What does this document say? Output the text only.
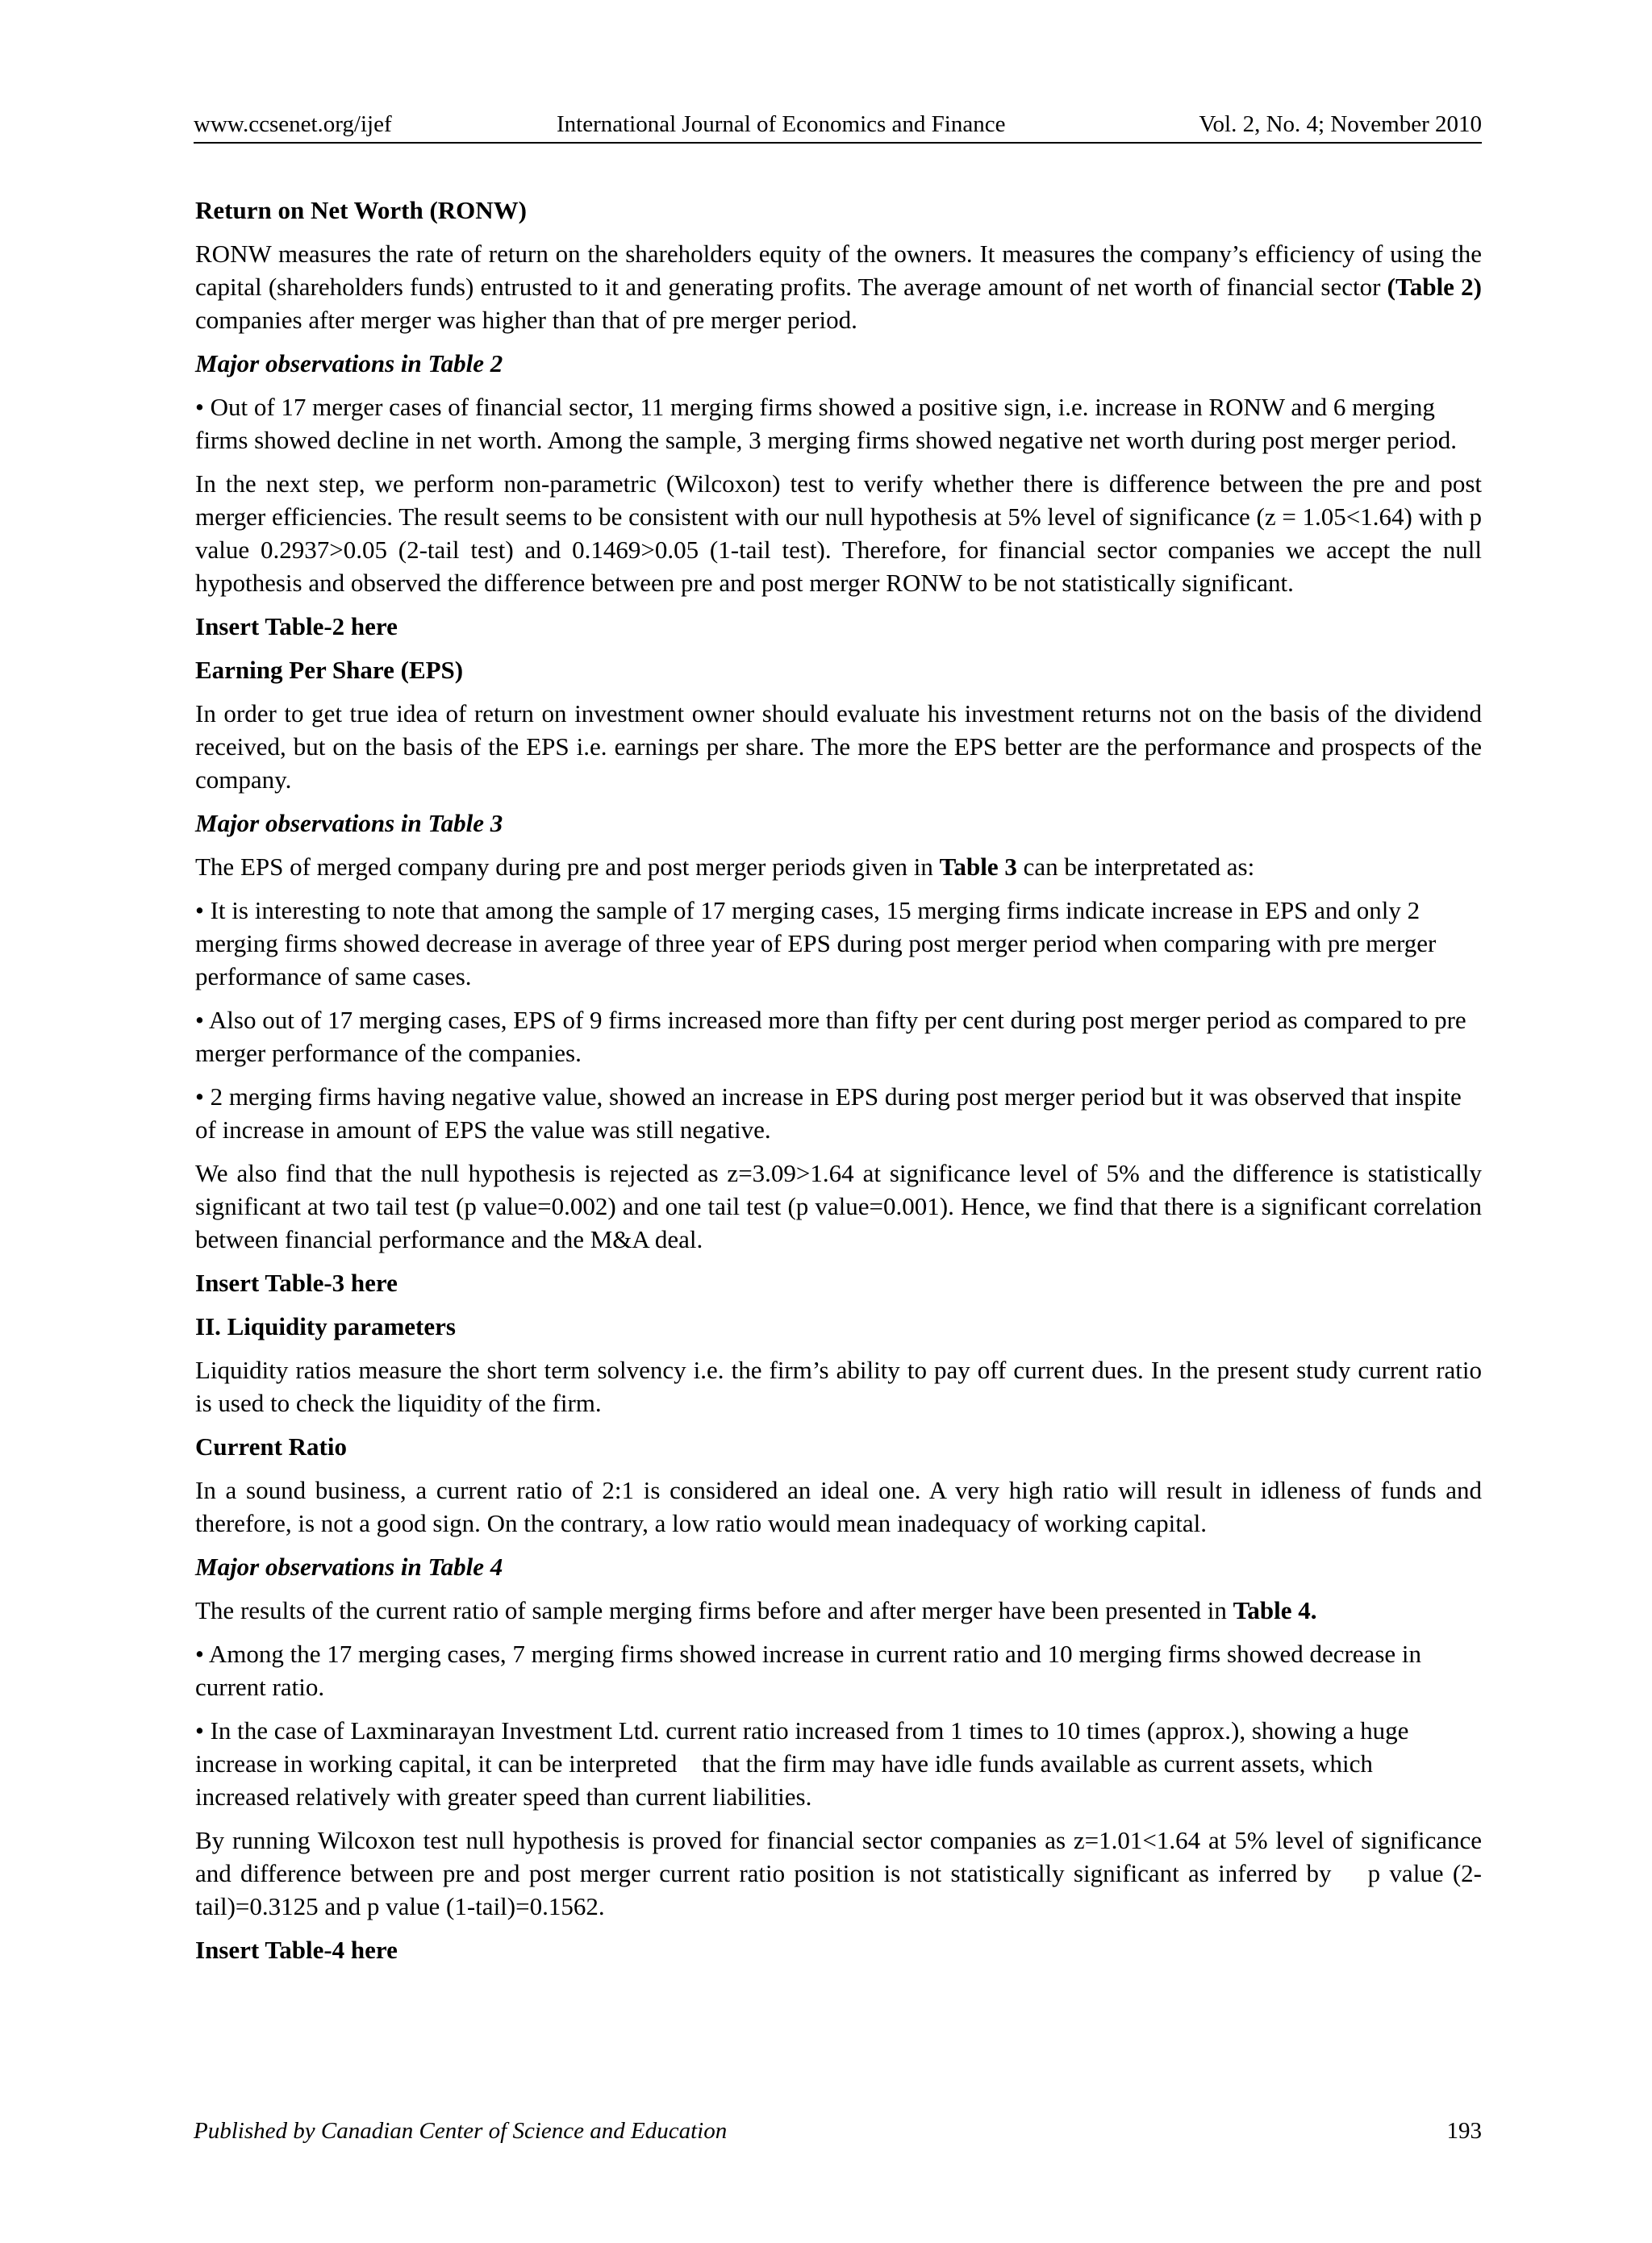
www.ccsenet.org/ijef	International Journal of Economics and Finance	Vol. 2, No. 4; November 2010

Return on Net Worth (RONW)

RONW measures the rate of return on the shareholders equity of the owners. It measures the company’s efficiency of using the capital (shareholders funds) entrusted to it and generating profits. The average amount of net worth of financial sector (Table 2) companies after merger was higher than that of pre merger period.

Major observations in Table 2

• Out of 17 merger cases of financial sector, 11 merging firms showed a positive sign, i.e. increase in RONW and 6 merging firms showed decline in net worth. Among the sample, 3 merging firms showed negative net worth during post merger period.

In the next step, we perform non-parametric (Wilcoxon) test to verify whether there is difference between the pre and post merger efficiencies. The result seems to be consistent with our null hypothesis at 5% level of significance (z = 1.05<1.64) with p value 0.2937>0.05 (2-tail test) and 0.1469>0.05 (1-tail test). Therefore, for financial sector companies we accept the null hypothesis and observed the difference between pre and post merger RONW to be not statistically significant.

Insert Table-2 here

Earning Per Share (EPS)

In order to get true idea of return on investment owner should evaluate his investment returns not on the basis of the dividend received, but on the basis of the EPS i.e. earnings per share. The more the EPS better are the performance and prospects of the company.

Major observations in Table 3

The EPS of merged company during pre and post merger periods given in Table 3 can be interpretated as:

• It is interesting to note that among the sample of 17 merging cases, 15 merging firms indicate increase in EPS and only 2 merging firms showed decrease in average of three year of EPS during post merger period when comparing with pre merger performance of same cases.

• Also out of 17 merging cases, EPS of 9 firms increased more than fifty per cent during post merger period as compared to pre merger performance of the companies.

• 2 merging firms having negative value, showed an increase in EPS during post merger period but it was observed that inspite of increase in amount of EPS the value was still negative.

We also find that the null hypothesis is rejected as z=3.09>1.64 at significance level of 5% and the difference is statistically significant at two tail test (p value=0.002) and one tail test (p value=0.001). Hence, we find that there is a significant correlation between financial performance and the M&A deal.

Insert Table-3 here

II. Liquidity parameters

Liquidity ratios measure the short term solvency i.e. the firm’s ability to pay off current dues. In the present study current ratio is used to check the liquidity of the firm.

Current Ratio

In a sound business, a current ratio of 2:1 is considered an ideal one. A very high ratio will result in idleness of funds and therefore, is not a good sign. On the contrary, a low ratio would mean inadequacy of working capital.

Major observations in Table 4

The results of the current ratio of sample merging firms before and after merger have been presented in Table 4.

• Among the 17 merging cases, 7 merging firms showed increase in current ratio and 10 merging firms showed decrease in current ratio.

• In the case of Laxminarayan Investment Ltd. current ratio increased from 1 times to 10 times (approx.), showing a huge increase in working capital, it can be interpreted    that the firm may have idle funds available as current assets, which    increased relatively with greater speed than current liabilities.

By running Wilcoxon test null hypothesis is proved for financial sector companies as z=1.01<1.64 at 5% level of significance and difference between pre and post merger current ratio position is not statistically significant as inferred by    p value (2-tail)=0.3125 and p value (1-tail)=0.1562.

Insert Table-4 here

Published by Canadian Center of Science and Education	193
